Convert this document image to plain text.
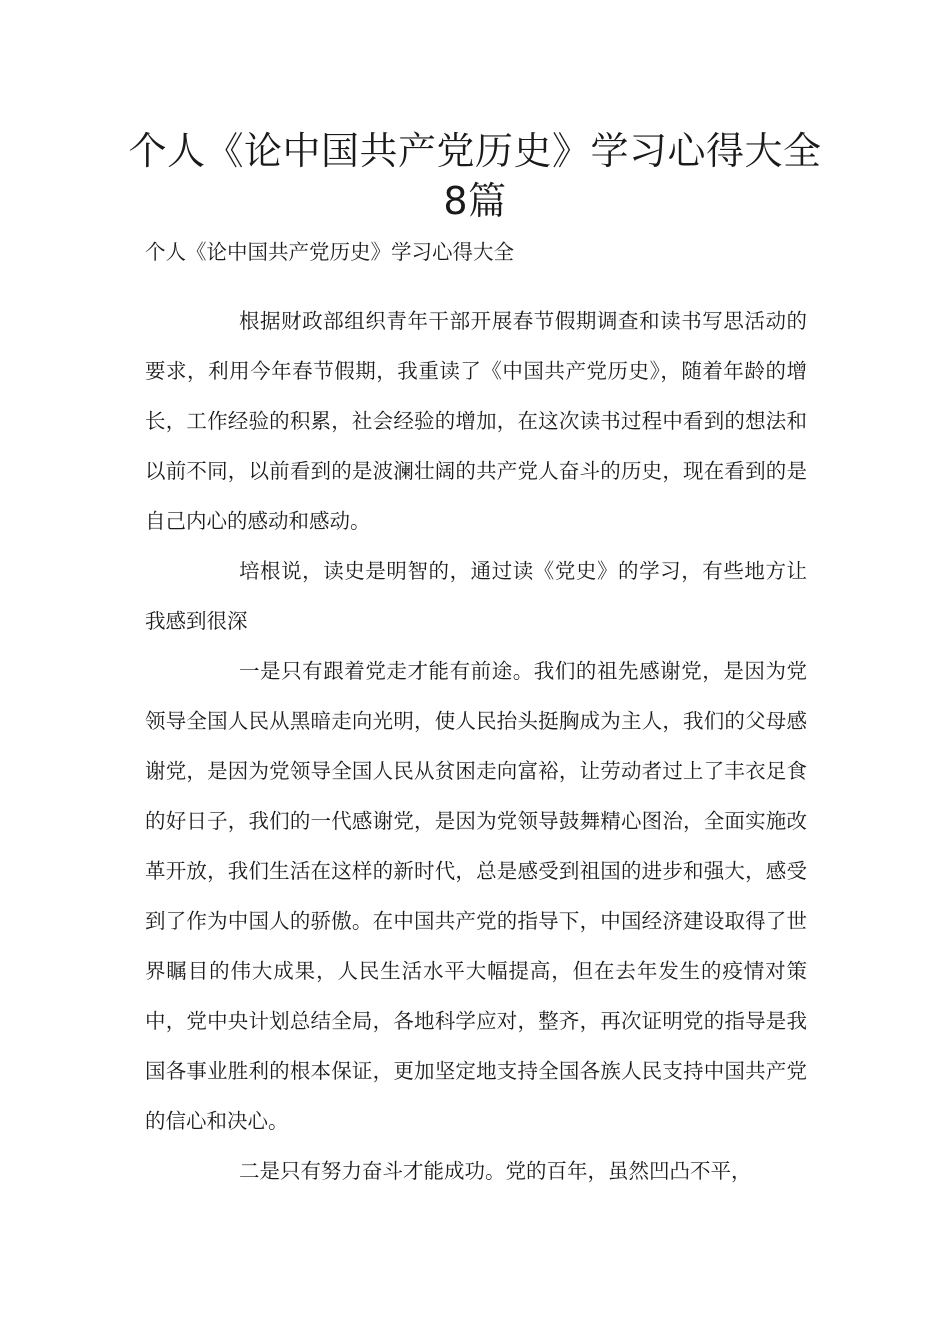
个人《论中国共产党历史》学习心得大全8篇

个人《论中国共产党历史》学习心得大全

根据财政部组织青年干部开展春节假期调查和读书写思活动的要求，利用今年春节假期，我重读了《中国共产党历史》，随着年龄的增长，工作经验的积累，社会经验的增加，在这次读书过程中看到的想法和以前不同，以前看到的是波澜壮阔的共产党人奋斗的历史，现在看到的是自己内心的感动和感动。

培根说，读史是明智的，通过读《党史》的学习，有些地方让我感到很深

一是只有跟着党走才能有前途。我们的祖先感谢党，是因为党领导全国人民从黑暗走向光明，使人民抬头挺胸成为主人，我们的父母感谢党，是因为党领导全国人民从贫困走向富裕，让劳动者过上了丰衣足食的好日子，我们的一代感谢党，是因为党领导鼓舞精心图治，全面实施改革开放，我们生活在这样的新时代，总是感受到祖国的进步和强大，感受到了作为中国人的骄傲。在中国共产党的指导下，中国经济建设取得了世界瞩目的伟大成果，人民生活水平大幅提高，但在去年发生的疫情对策中，党中央计划总结全局，各地科学应对，整齐，再次证明党的指导是我国各事业胜利的根本保证，更加坚定地支持全国各族人民支持中国共产党的信心和决心。

二是只有努力奋斗才能成功。党的百年，虽然凹凸不平，
